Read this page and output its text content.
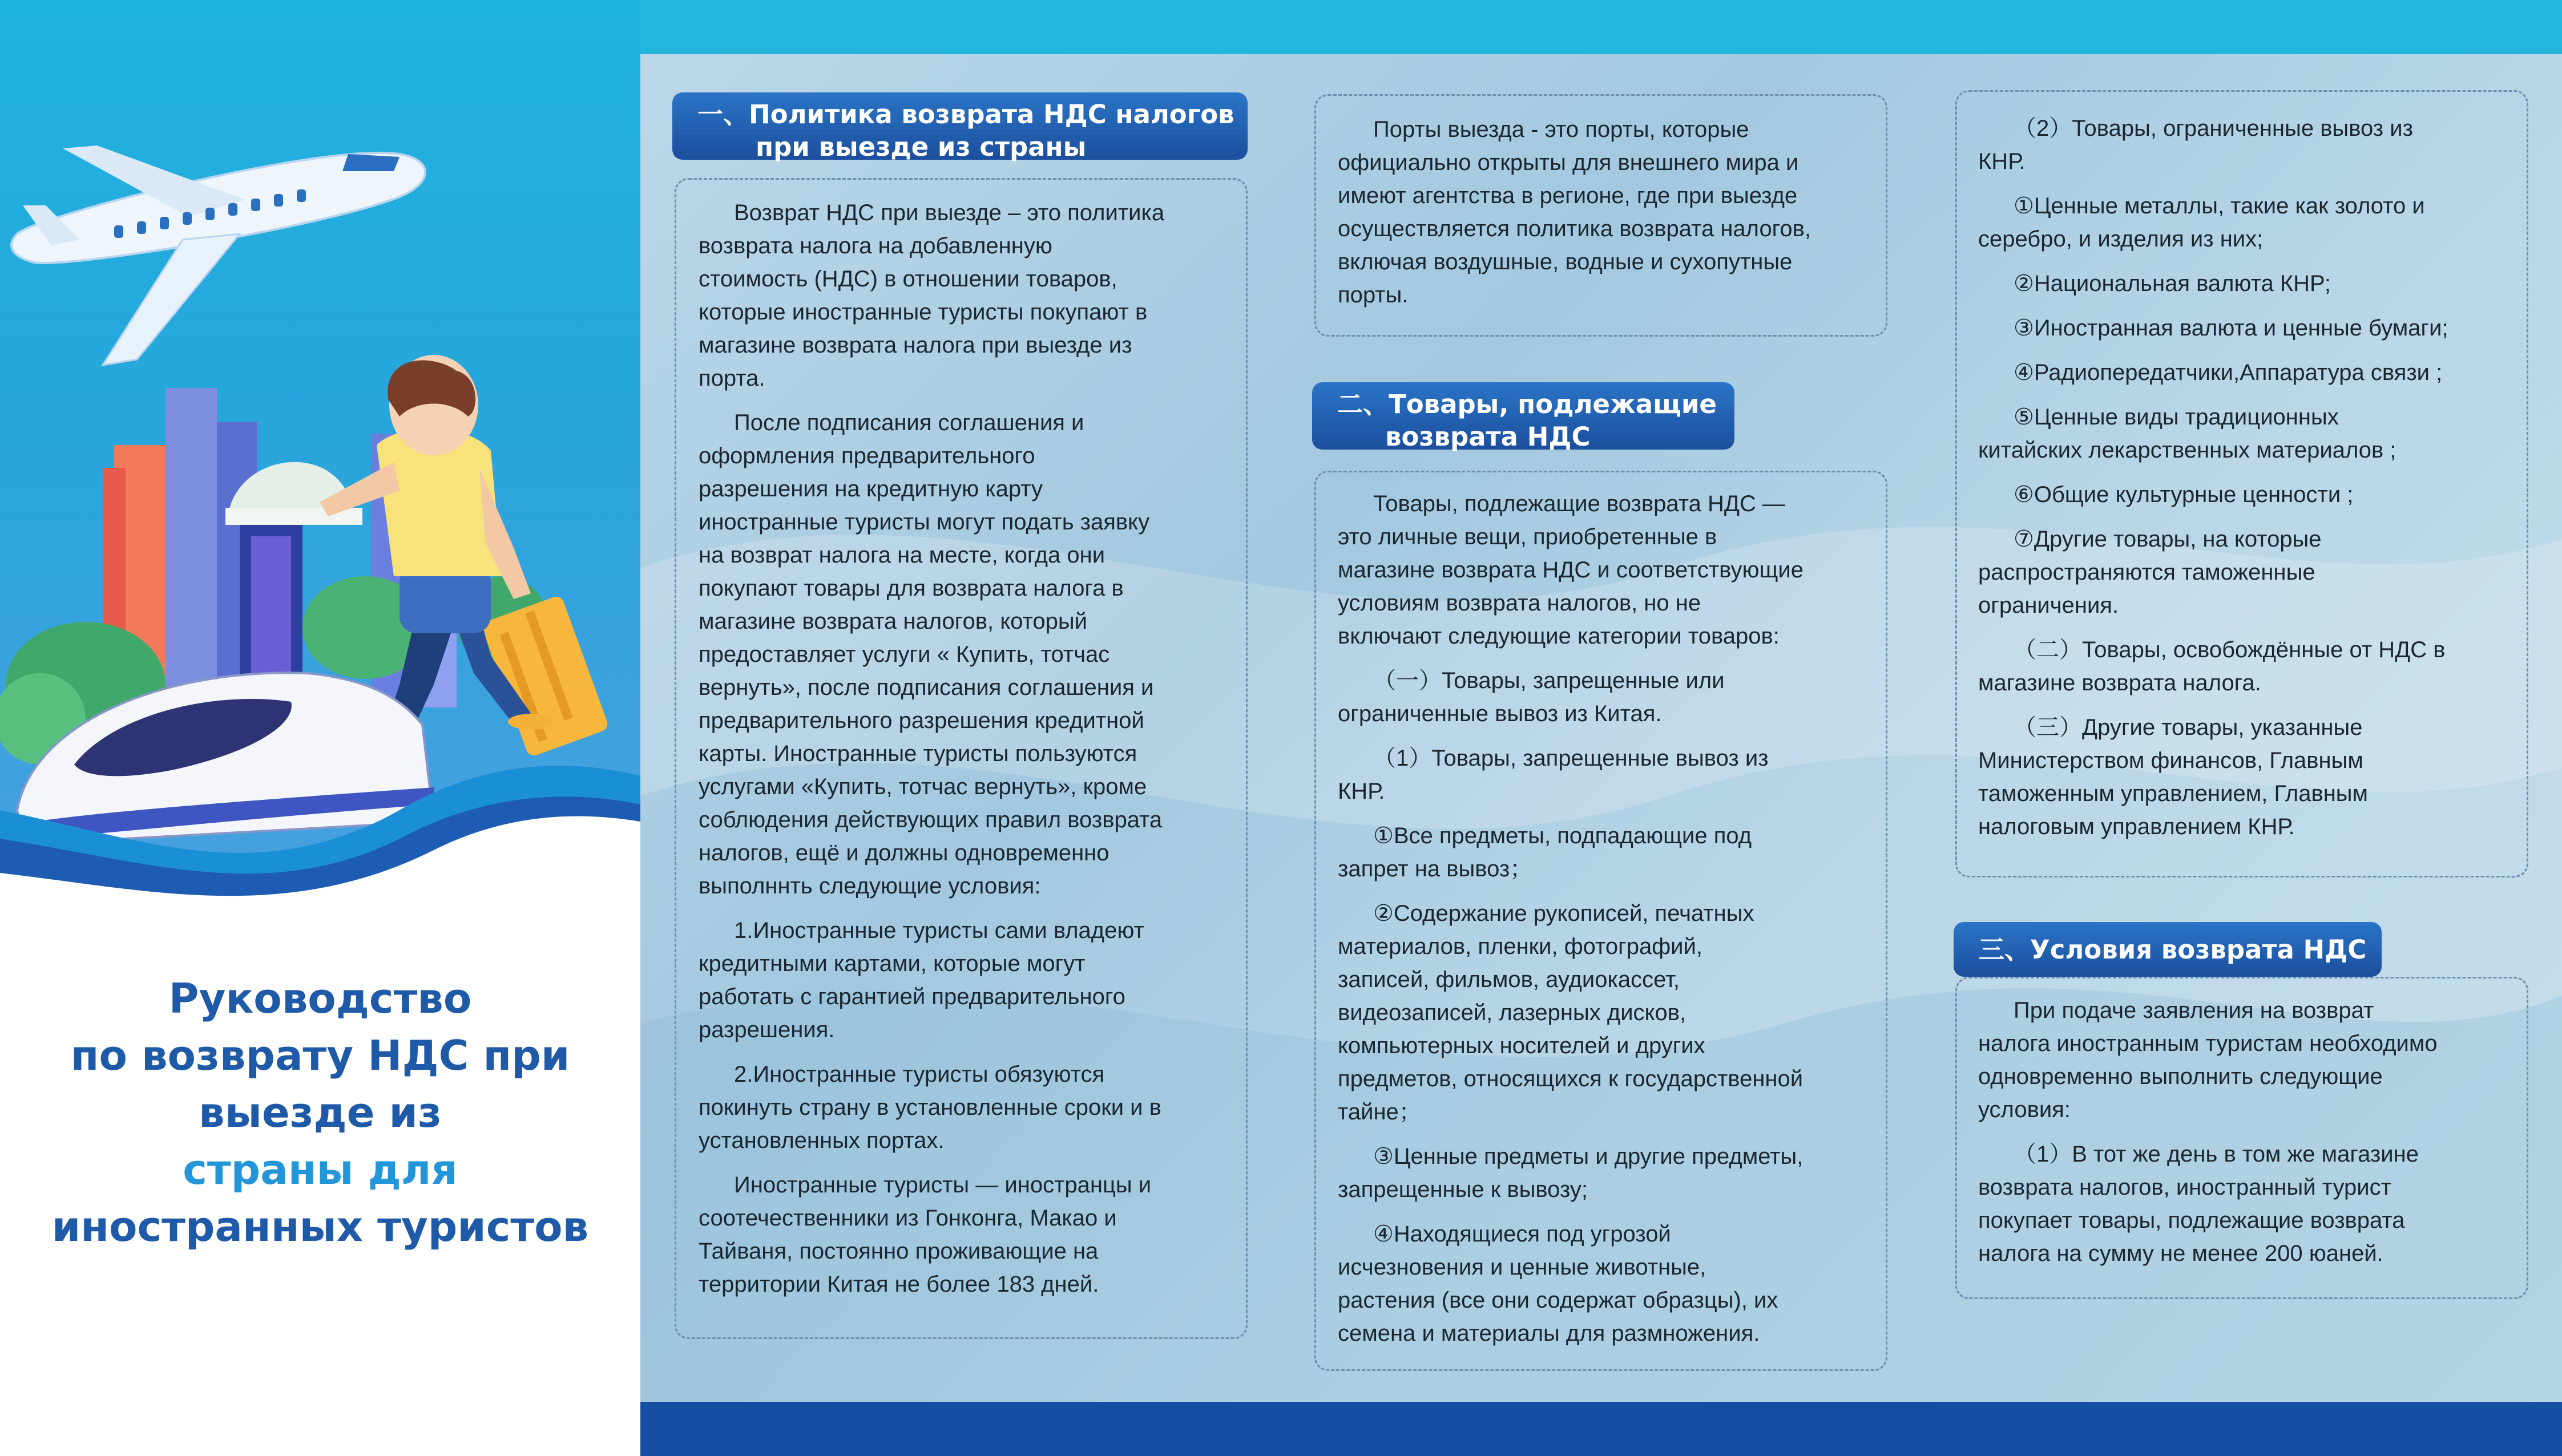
Руководство
по возврату НДС при
выезде из
страны для
иностранных туристов
一、Политика возврата НДС налогов
при выезде из страны

Возврат НДС при выезде – это политика
возврата налога на добавленную
стоимость (НДС) в отношении товаров,
которые иностранные туристы покупают в
магазине возврата налога при выезде из
порта.

После подписания соглашения и
оформления предварительного
разрешения на кредитную карту
иностранные туристы могут подать заявку
на возврат налога на месте, когда они
покупают товары для возврата налога в
магазине возврата налогов, который
предоставляет услуги « Купить, тотчас
вернуть», после подписания соглашения и
предварительного разрешения кредитной
карты. Иностранные туристы пользуются
услугами «Купить, тотчас вернуть», кроме
соблюдения действующих правил возврата
налогов, ещё и должны одновременно
выполннть следующие условия:

1.Иностранные туристы сами владеют
кредитными картами, которые могут
работать с гарантией предварительного
разрешения.

2.Иностранные туристы обязуются
покинуть страну в установленные сроки и в
установленных портах.

Иностранные туристы — иностранцы и
соотечественники из Гонконга, Макао и
Тайваня, постоянно проживающие на
территории Китая не более 183 дней.

Порты выезда - это порты, которые
официально открыты для внешнего мира и
имеют агентства в регионе, где при выезде
осуществляется политика возврата налогов,
включая воздушные, водные и сухопутные
порты.

二、Товары, подлежащие
возврата НДС

Товары, подлежащие возврата НДС —
это личные вещи, приобретенные в
магазине возврата НДС и соответствующие
условиям возврата налогов, но не
включают следующие категории товаров:

（一）Товары, запрещенные или
ограниченные вывоз из Китая.

（1）Товары, запрещенные вывоз из
КНР.

①Все предметы, подпадающие под
запрет на вывоз；

②Содержание рукописей, печатных
материалов, пленки, фотографий,
записей, фильмов, аудиокассет,
видеозаписей, лазерных дисков,
компьютерных носителей и других
предметов, относящихся к государственной
тайне；

③Ценные предметы и другие предметы,
запрещенные к вывозу;

④Находящиеся под угрозой
исчезновения и ценные животные,
растения (все они содержат образцы), их
семена и материалы для размножения.

（2）Товары, ограниченные вывоз из
КНР.

①Ценные металлы, такие как золото и
серебро, и изделия из них;

②Национальная валюта КНР;

③Иностранная валюта и ценные бумаги;

④Радиопередатчики,Аппаратура связи ;

⑤Ценные виды традиционных
китайских лекарственных материалов ;

⑥Общие культурные ценности ;

⑦Другие товары, на которые
распространяются таможенные
ограничения.

（二）Товары, освобождённые от НДС в
магазине возврата налога.

（三）Другие товары, указанные
Министерством финансов, Главным
таможенным управлением, Главным
налоговым управлением КНР.

三、Условия возврата НДС

При подаче заявления на возврат
налога иностранным туристам необходимо
одновременно выполнить следующие
условия:

（1）В тот же день в том же магазине
возврата налогов, иностранный турист
покупает товары, подлежащие возврата
налога на сумму не менее 200 юаней.
